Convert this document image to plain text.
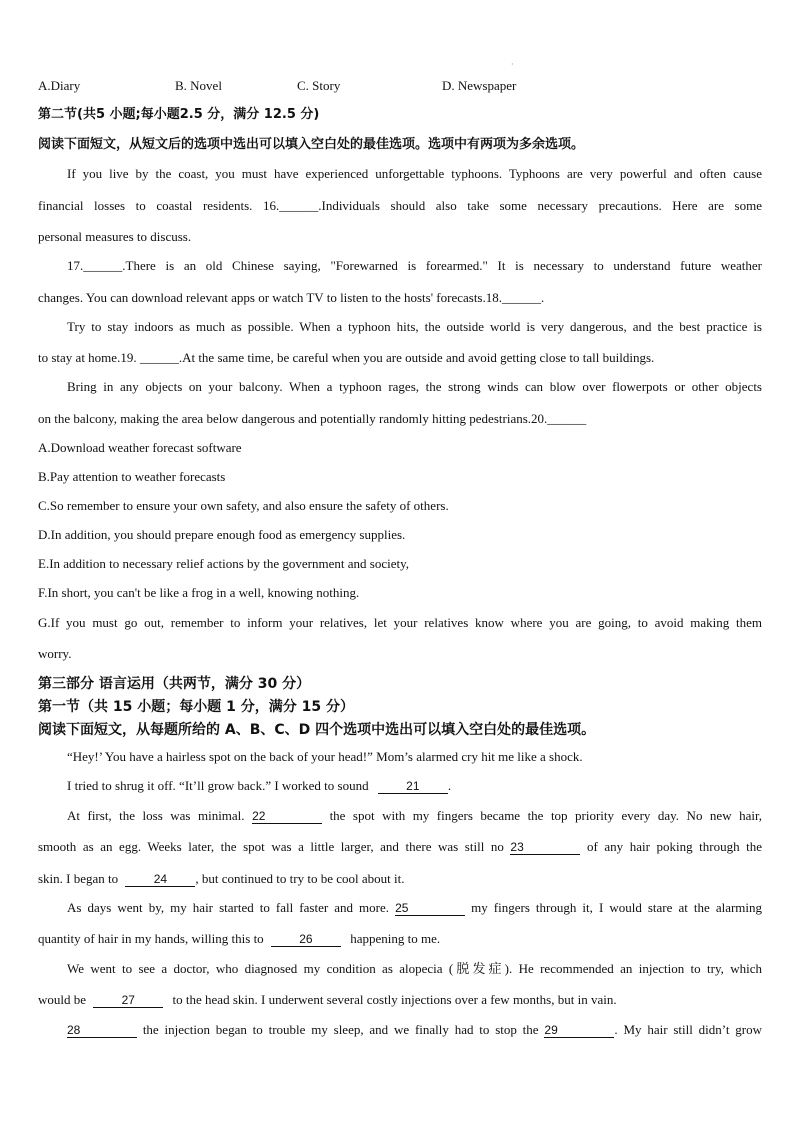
·
A.Diary	B. Novel	C. Story	D. Newspaper
第二节(共5 小题;每小题2.5 分，满分 12.5 分)
阅读下面短文，从短文后的选项中选出可以填入空白处的最佳选项。选项中有两项为多余选项。
If you live by the coast, you must have experienced unforgettable typhoons. Typhoons are very powerful and often cause
financial losses to coastal residents. 16.______.Individuals should also take some necessary precautions. Here are some
personal measures to discuss.
17.______.There is an old Chinese saying, "Forewarned is forearmed." It is necessary to understand future weather
changes. You can download relevant apps or watch TV to listen to the hosts' forecasts.18.______.
Try to stay indoors as much as possible. When a typhoon hits, the outside world is very dangerous, and the best practice is
to stay at home.19. ______.At the same time, be careful when you are outside and avoid getting close to tall buildings.
Bring in any objects on your balcony. When a typhoon rages, the strong winds can blow over flowerpots or other objects
on the balcony, making the area below dangerous and potentially randomly hitting pedestrians.20.______
A.Download weather forecast software
B.Pay attention to weather forecasts
C.So remember to ensure your own safety, and also ensure the safety of others.
D.In addition, you should prepare enough food as emergency supplies.
E.In addition to necessary relief actions by the government and society,
F.In short, you can't be like a frog in a well, knowing nothing.
G.If you must go out, remember to inform your relatives, let your relatives know where you are going, to avoid making them
worry.
第三部分 语言运用（共两节，满分 30 分）
第一节（共 15 小题；每小题 1 分，满分 15 分）
阅读下面短文，从每题所给的 A、B、C、D 四个选项中选出可以填入空白处的最佳选项。
“Hey!’ You have a hairless spot on the back of your head!” Mom’s alarmed cry hit me like a shock.
I tried to shrug it off. “It’ll grow back.” I worked to sound	21 .
At first, the loss was minimal. 22	the spot with my fingers became the top priority every day. No new hair,
smooth as an egg. Weeks later, the spot was a little larger, and there was still no 23	of any hair poking through the
skin. I began to	24 , but continued to try to be cool about it.
As days went by, my hair started to fall faster and more. 25	my fingers through it, I would stare at the alarming
quantity of hair in my hands, willing this to	26	happening to me.
We went to see a doctor, who diagnosed my condition as alopecia (脱发症). He recommended an injection to try, which
would be	27	to the head skin. I underwent several costly injections over a few months, but in vain.
28	the injection began to trouble my sleep, and we finally had to stop the 29	. My hair still didn’t grow
